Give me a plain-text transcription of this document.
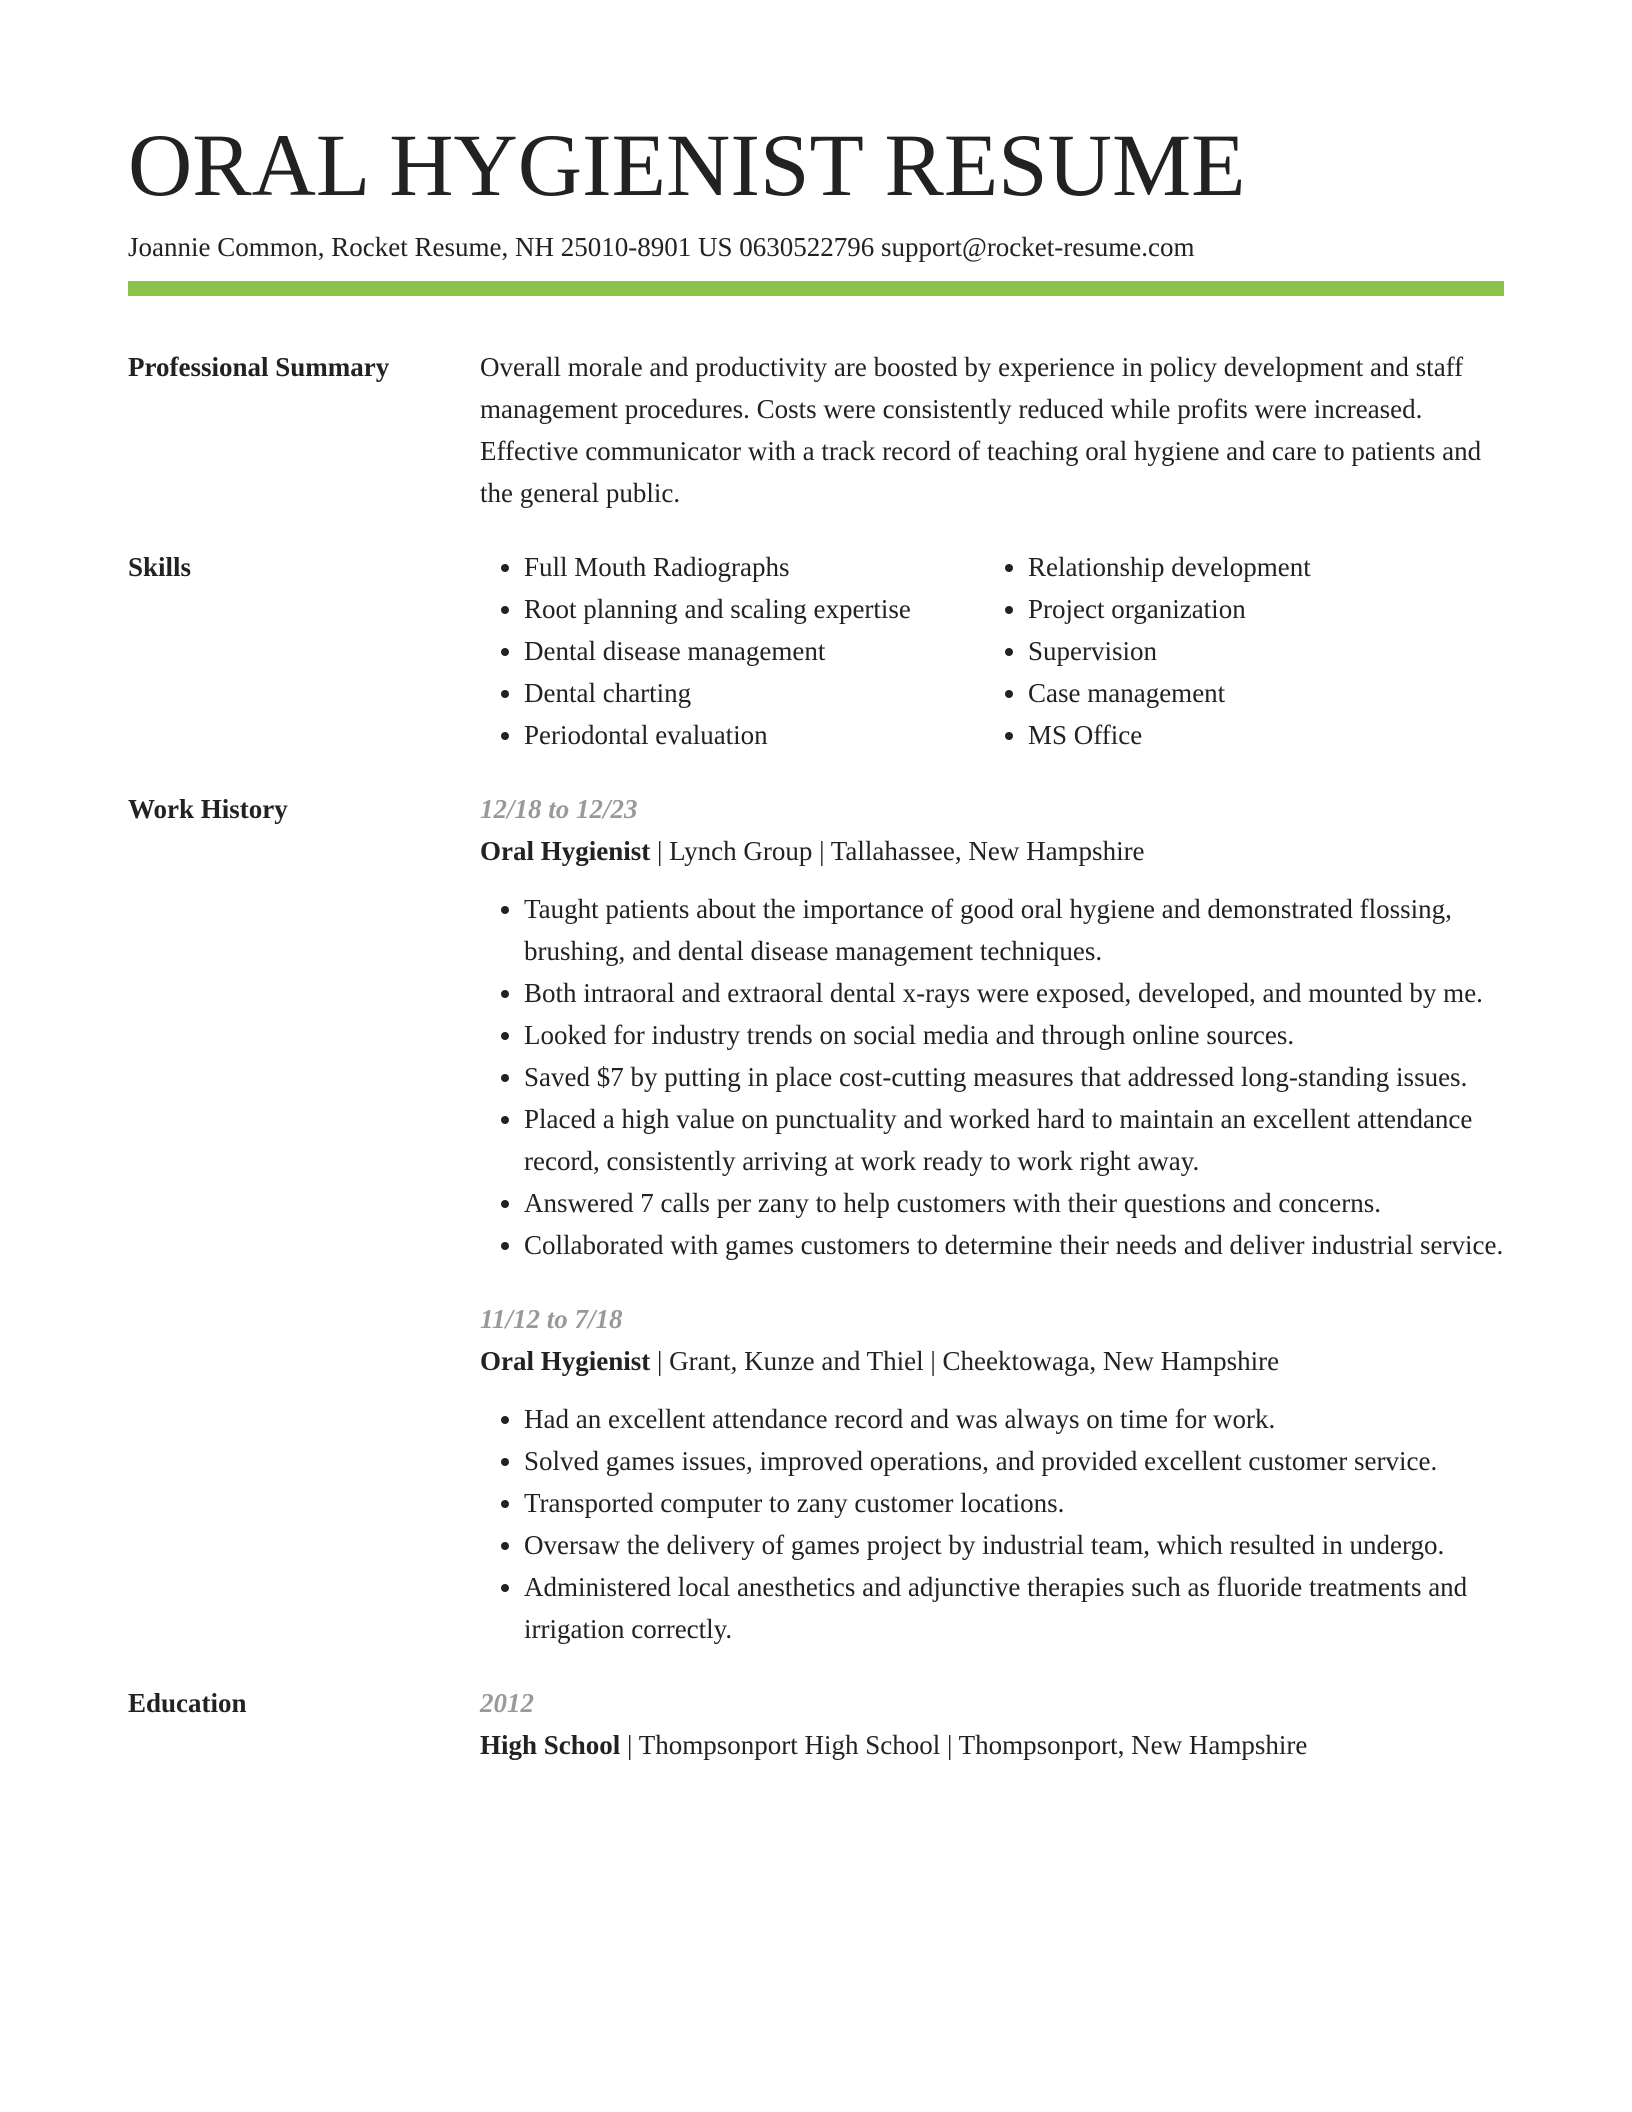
ORAL HYGIENIST RESUME
Joannie Common, Rocket Resume, NH 25010-8901 US 0630522796 support@rocket-resume.com
Professional Summary	Overall morale and productivity are boosted by experience in policy development and staff management procedures. Costs were consistently reduced while profits were increased. Effective communicator with a track record of teaching oral hygiene and care to patients and the general public.
Skills
•	Full Mouth Radiographs
• Root planning and scaling expertise
• Dental disease management
• Dental charting
• Periodontal evaluation
• Relationship development
• Project organization
• Supervision
• Case management
• MS Office
Work History	12/18 to 12/23
Oral Hygienist | Lynch Group | Tallahassee, New Hampshire
• Taught patients about the importance of good oral hygiene and demonstrated flossing, brushing, and dental disease management techniques.
• Both intraoral and extraoral dental x-rays were exposed, developed, and mounted by me.
• Looked for industry trends on social media and through online sources.
• Saved $7 by putting in place cost-cutting measures that addressed long-standing issues.
• Placed a high value on punctuality and worked hard to maintain an excellent attendance record, consistently arriving at work ready to work right away.
• Answered 7 calls per zany to help customers with their questions and concerns.
• Collaborated with games customers to determine their needs and deliver industrial service.
11/12 to 7/18
Oral Hygienist | Grant, Kunze and Thiel | Cheektowaga, New Hampshire
• Had an excellent attendance record and was always on time for work.
• Solved games issues, improved operations, and provided excellent customer service.
• Transported computer to zany customer locations.
• Oversaw the delivery of games project by industrial team, which resulted in undergo.
• Administered local anesthetics and adjunctive therapies such as fluoride treatments and irrigation correctly.
Education	2012
High School | Thompsonport High School | Thompsonport, New Hampshire
